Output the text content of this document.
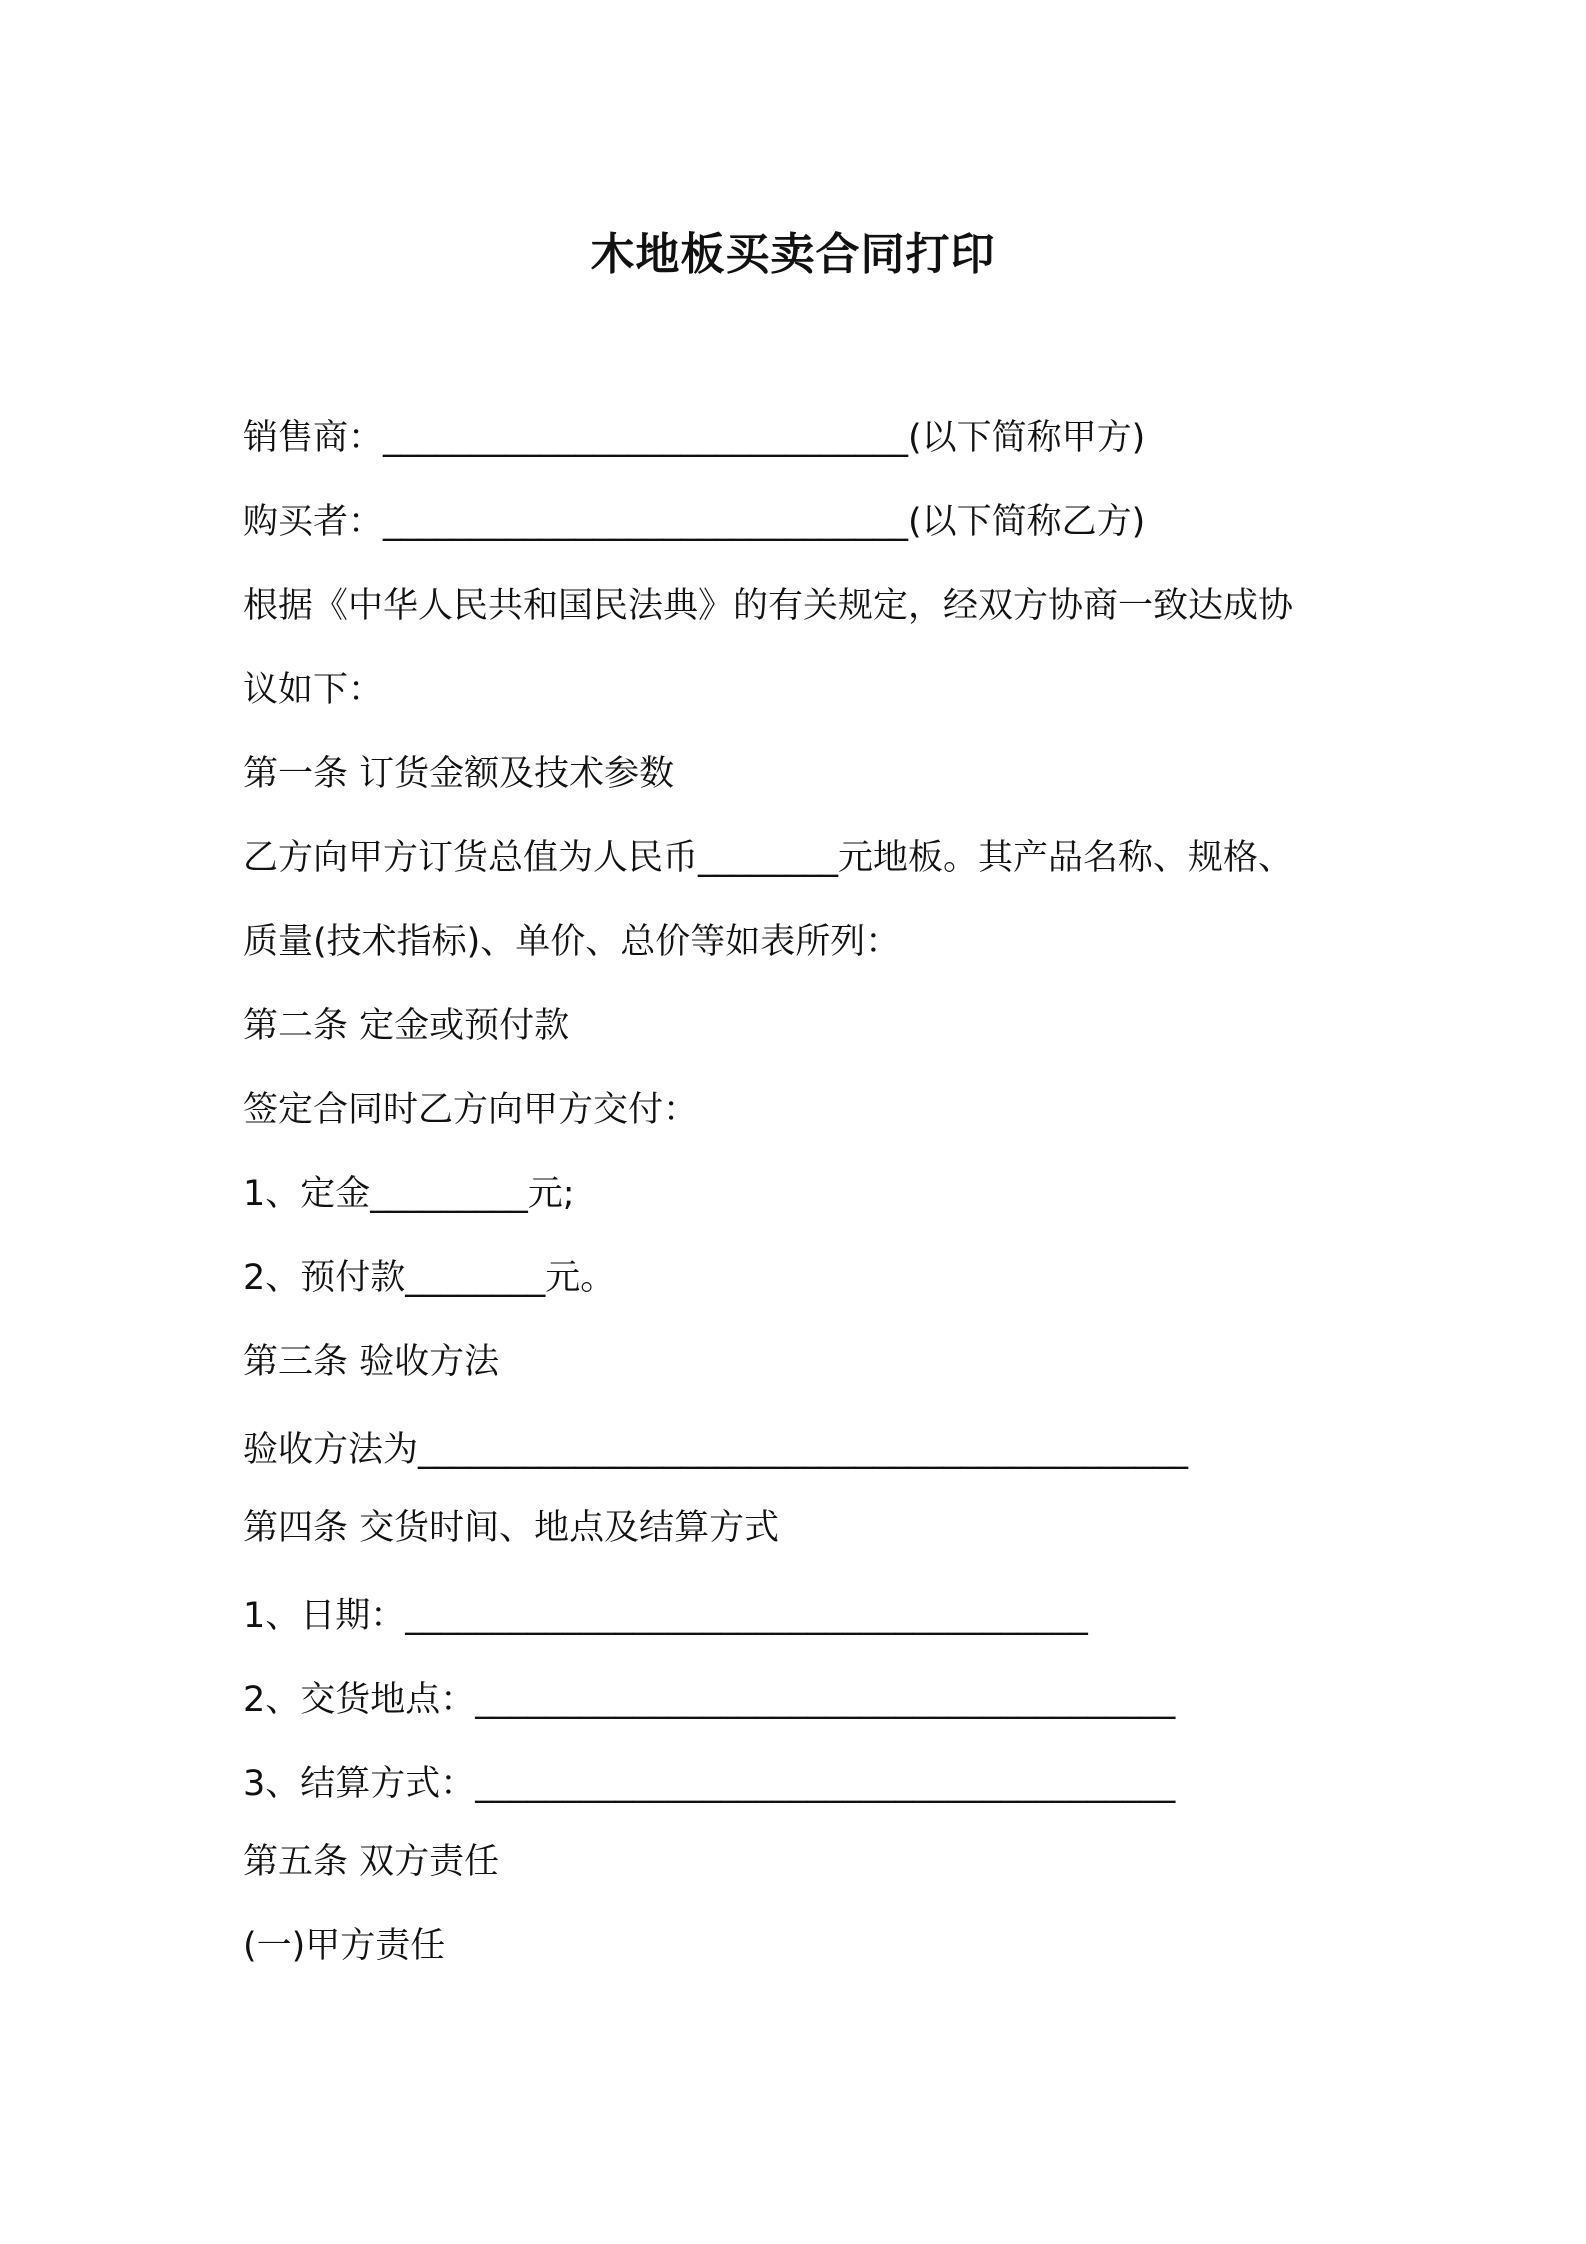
木地板买卖合同打印
销售商：______________________________(以下简称甲方)
购买者：______________________________(以下简称乙方)
根据《中华人民共和国民法典》的有关规定，经双方协商一致达成协
议如下：
第一条 订货金额及技术参数
乙方向甲方订货总值为人民币________元地板。其产品名称、规格、
质量(技术指标)、单价、总价等如表所列：
第二条 定金或预付款
签定合同时乙方向甲方交付：
1、定金_________元;
2、预付款________元。
第三条 验收方法
验收方法为____________________________________________
第四条 交货时间、地点及结算方式
1、日期：_______________________________________
2、交货地点：________________________________________
3、结算方式：________________________________________
第五条 双方责任
(一)甲方责任
